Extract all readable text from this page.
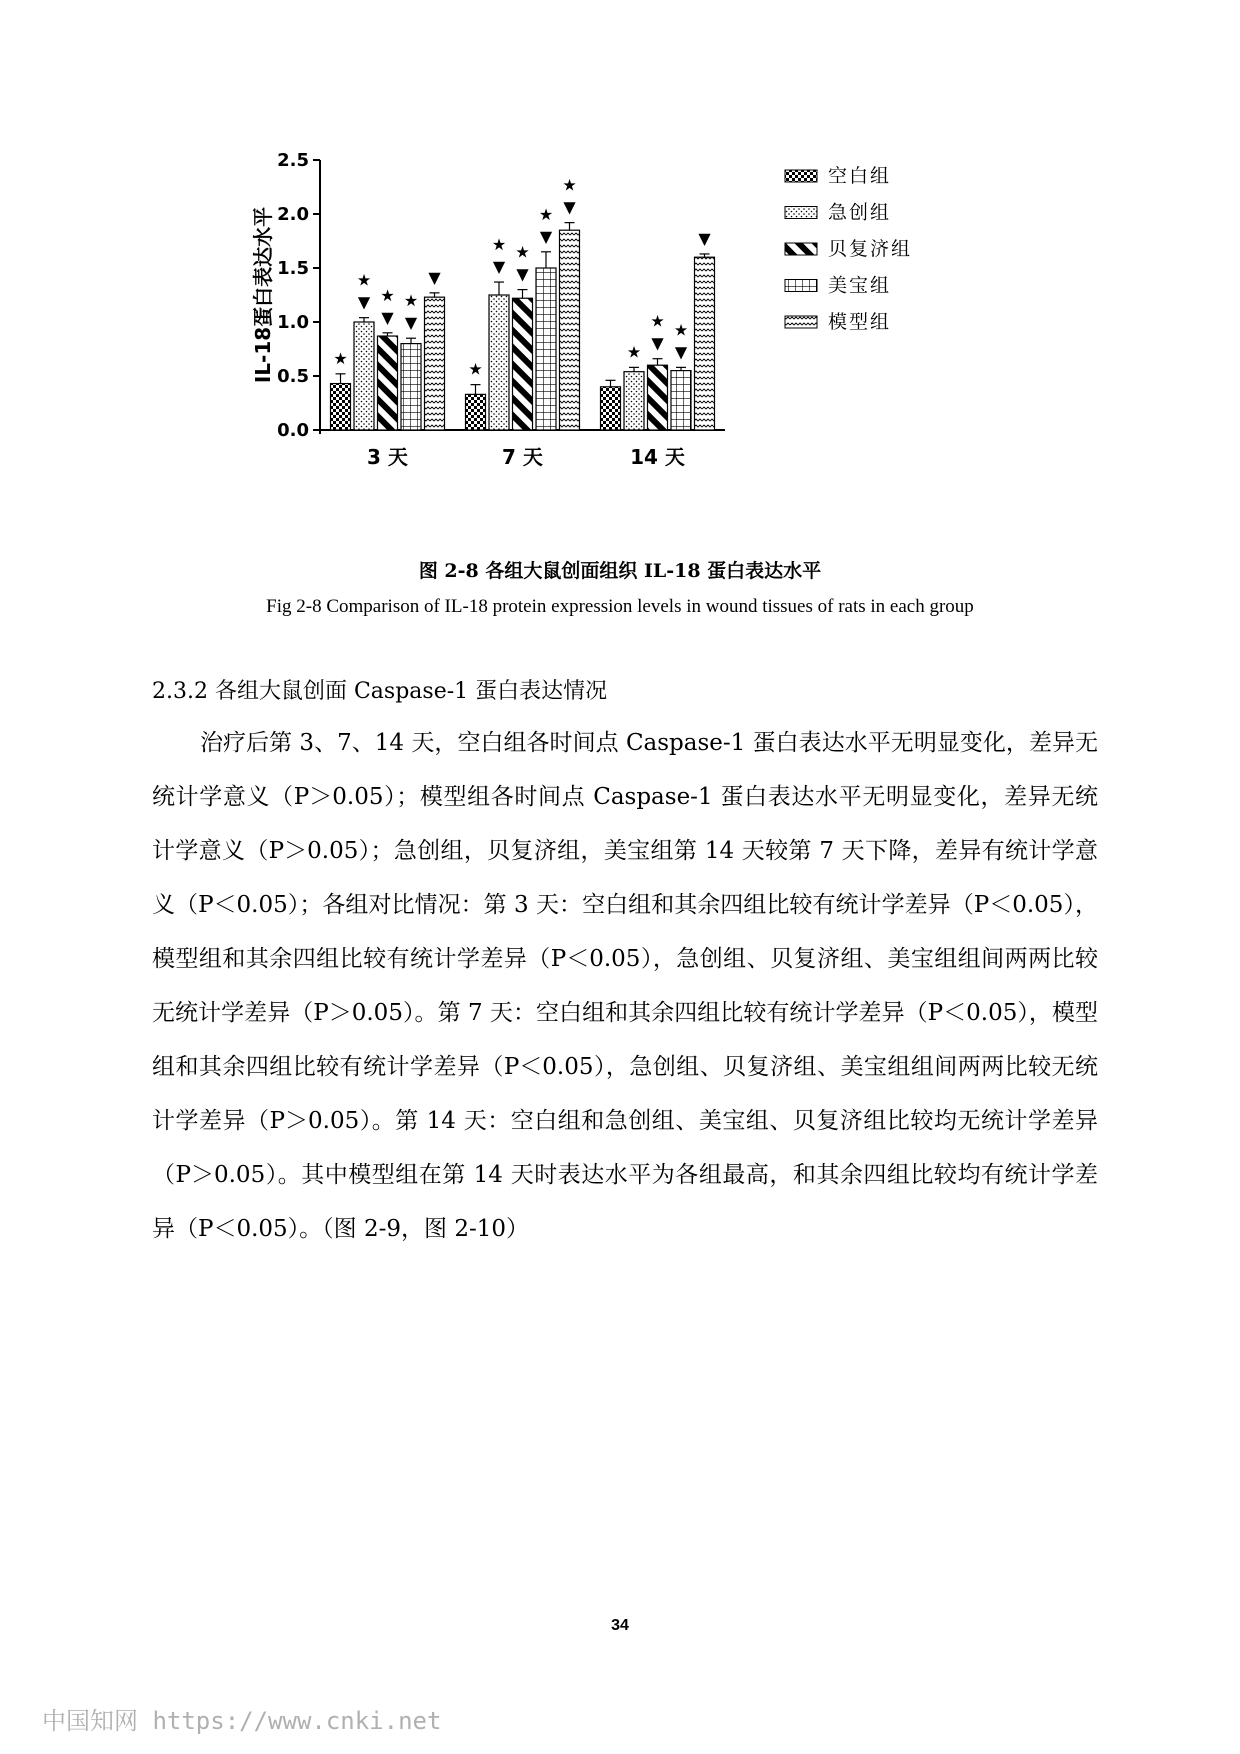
0.0
0.5
1.0
1.5
2.0
2.5
IL-18蛋白表达水平	★
▼
★
▼
★
▼
★
▼
3 天
★
▼
★
▼
★
▼
★ ▼
★
7 天
★ ▼
★
▼
★
▼
14 天
空白组
急创组
贝复济组
美宝组
模型组
图 2-8 各组大鼠创面组织 IL-18 蛋白表达水平
Fig 2-8 Comparison of IL-18 protein expression levels in wound tissues of rats in each group
2.3.2 各组大鼠创面 Caspase-1 蛋白表达情况

治疗后第 3、7、14 天，空白组各时间点 Caspase-1 蛋白表达水平无明显变化，差异无统计学意义（P＞0.05）；模型组各时间点 Caspase-1 蛋白表达水平无明显变化，差异无统计学意义（P＞0.05）；急创组，贝复济组，美宝组第 14 天较第 7 天下降，差异有统计学意义（P＜0.05）；各组对比情况：第 3 天：空白组和其余四组比较有统计学差异（P＜0.05），模型组和其余四组比较有统计学差异（P＜0.05），急创组、贝复济组、美宝组组间两两比较无统计学差异（P＞0.05）。第 7 天：空白组和其余四组比较有统计学差异（P＜0.05），模型组和其余四组比较有统计学差异（P＜0.05），急创组、贝复济组、美宝组组间两两比较无统计学差异（P＞0.05）。第 14 天：空白组和急创组、美宝组、贝复济组比较均无统计学差异（P＞0.05）。其中模型组在第 14 天时表达水平为各组最高，和其余四组比较均有统计学差异（P＜0.05）。（图 2-9，图 2-10）

34
中国知网 https://www.cnki.net
